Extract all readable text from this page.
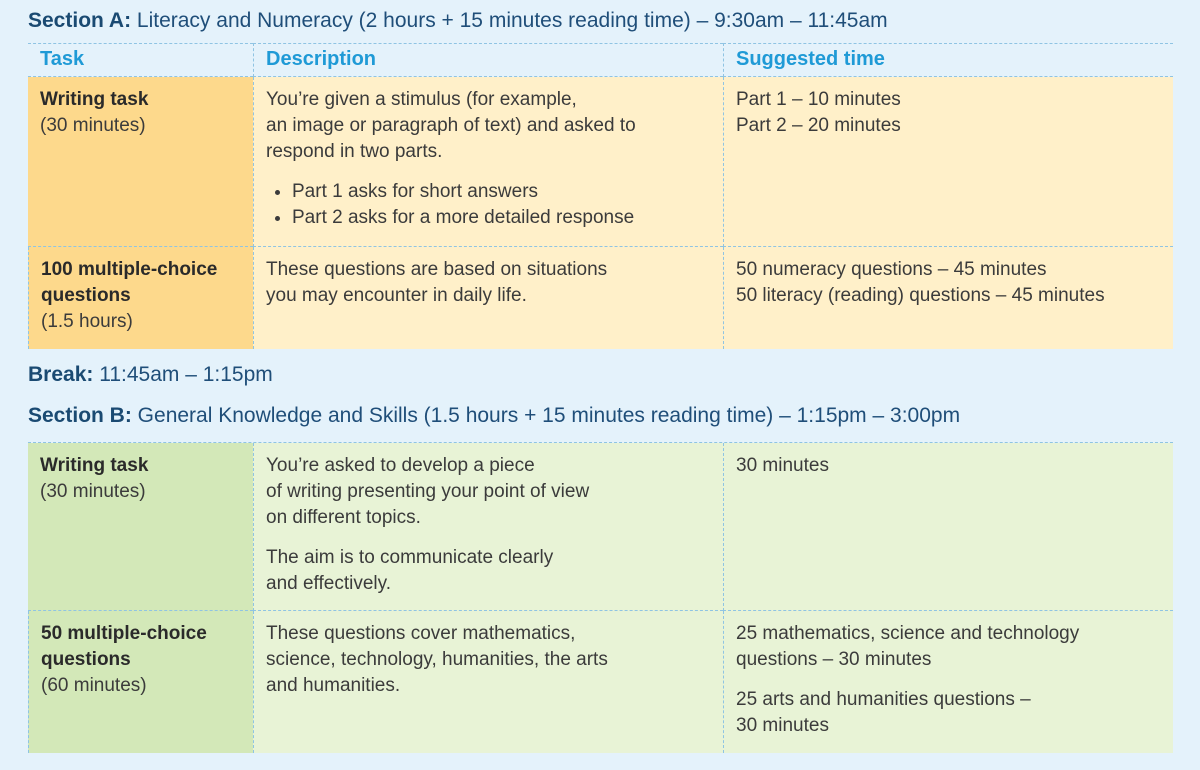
Section A: Literacy and Numeracy (2 hours + 15 minutes reading time) – 9:30am – 11:45am
Task	Description	Suggested time
Writing task
(30 minutes)

You’re given a stimulus (for example,
an image or paragraph of text) and asked to
respond in two parts.

• Part 1 asks for short answers
• Part 2 asks for a more detailed response
Part 1 – 10 minutes
Part 2 – 20 minutes
100 multiple-choice questions
(1.5 hours)
These questions are based on situations
you may encounter in daily life.
50 numeracy questions – 45 minutes
50 literacy (reading) questions – 45 minutes
Break: 11:45am – 1:15pm
Section B: General Knowledge and Skills (1.5 hours + 15 minutes reading time) – 1:15pm – 3:00pm
Writing task
(30 minutes)

You’re asked to develop a piece
of writing presenting your point of view
on different topics.

The aim is to communicate clearly
and effectively.

30 minutes
50 multiple-choice questions
(60 minutes)
These questions cover mathematics,
science, technology, humanities, the arts
and humanities.

25 mathematics, science and technology
questions – 30 minutes

25 arts and humanities questions –
30 minutes
